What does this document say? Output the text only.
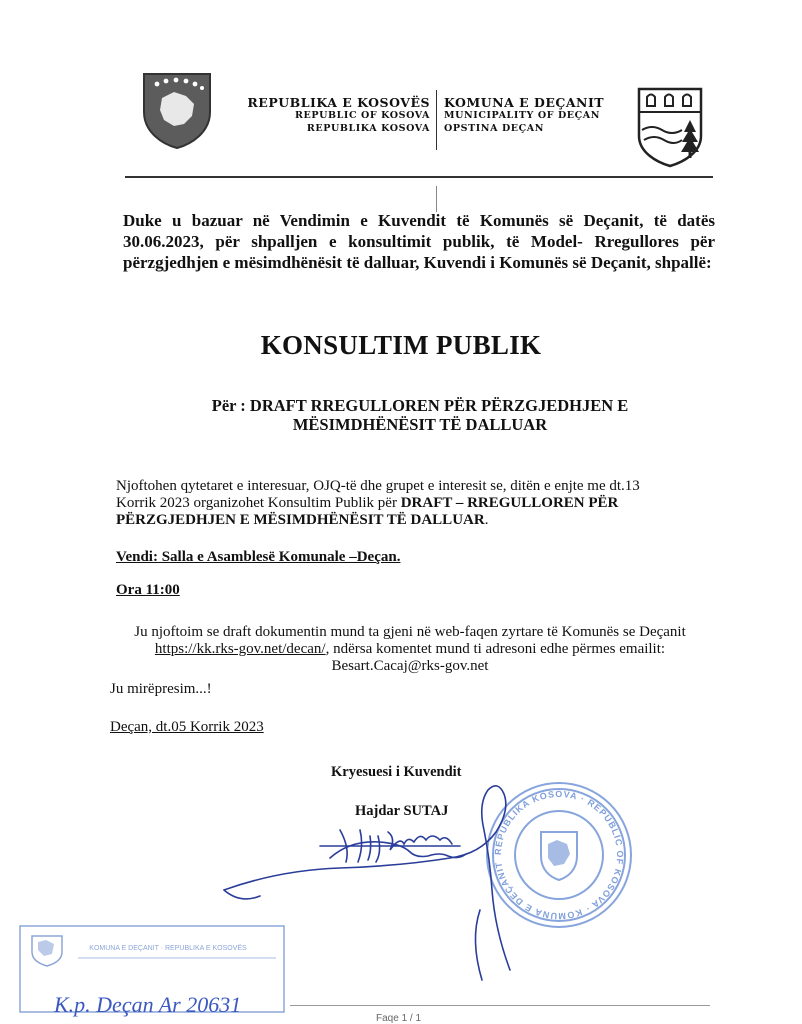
REPUBLIKA E KOSOVËS
REPUBLIC OF KOSOVA
REPUBLIKA KOSOVA
KOMUNA E DEÇANIT
MUNICIPALITY OF DEÇAN
OPSTINA DEÇAN
Duke u bazuar në Vendimin e Kuvendit të Komunës së Deçanit, të datës 30.06.2023, për shpalljen e konsultimit publik, të Model- Rregullores për përzgjedhjen e mësimdhënësit të dalluar, Kuvendi i Komunës së Deçanit, shpallë:
KONSULTIM PUBLIK
Për : DRAFT RREGULLOREN PËR PËRZGJEDHJEN E
MËSIMDHËNËSIT TË DALLUAR
Njoftohen qytetaret e interesuar, OJQ-të dhe grupet e interesit se, ditën e enjte me dt.13 Korrik 2023 organizohet Konsultim Publik për DRAFT – RREGULLOREN PËR PËRZGJEDHJEN E MËSIMDHËNËSIT TË DALLUAR.
Vendi: Salla e Asamblesë Komunale –Deçan.
Ora 11:00
Ju njoftoim se draft dokumentin mund ta gjeni në web-faqen zyrtare të Komunës se Deçanit
https://kk.rks-gov.net/decan/, ndërsa komentet mund ti adresoni edhe përmes emailit:
Besart.Cacaj@rks-gov.net
Ju mirëpresim...!
Deçan, dt.05 Korrik 2023
REPUBLIKA KOSOVA · REPUBLIC OF KOSOVA · KOMUNA E DEÇANIT
Kryesuesi i Kuvendit
Hajdar SUTAJ
KOMUNA E DEÇANIT · REPUBLIKA E KOSOVËS
K.p. Deçan Ar 20631
Faqe 1 / 1
